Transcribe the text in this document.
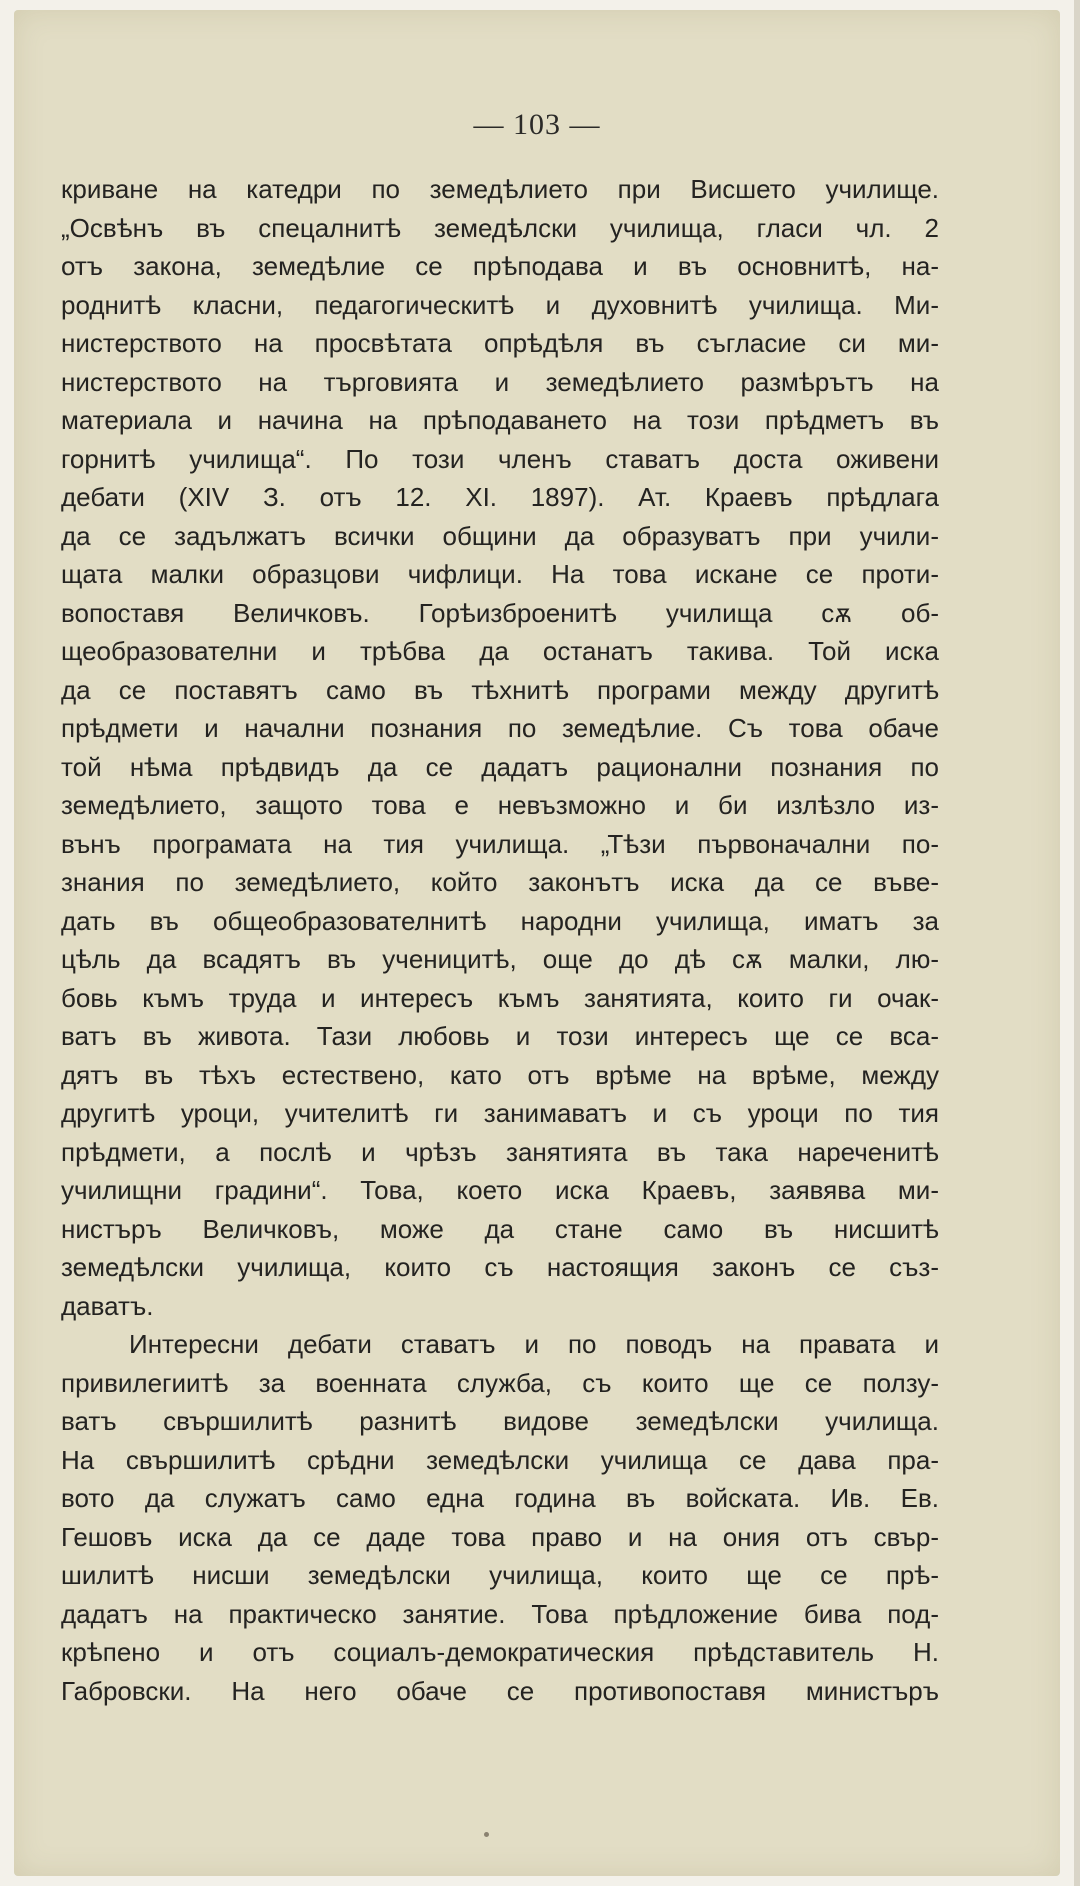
— 103 —
криване на катедри по земедѣлието при Висшето училище.
„Освѣнъ въ спецалнитѣ земедѣлски училища, гласи чл. 2
отъ закона, земедѣлие се прѣподава и въ основнитѣ, на-
роднитѣ класни, педагогическитѣ и духовнитѣ училища. Ми-
нистерството на просвѣтата опрѣдѣля въ съгласие си ми-
нистерството на търговията и земедѣлието размѣрътъ на
материала и начина на прѣподаването на този прѣдметъ въ
горнитѣ училища“. По този членъ ставатъ доста оживени
дебати (XIV З. отъ 12. XI. 1897). Ат. Краевъ прѣдлага
да се задължатъ всички общини да образуватъ при учили-
щата малки образцови чифлици. На това искане се проти-
вопоставя Величковъ. Горѣизброенитѣ училища сѫ об-
щеобразователни и трѣбва да останатъ такива. Той иска
да се поставятъ само въ тѣхнитѣ програми между другитѣ
прѣдмети и начални познания по земедѣлие. Съ това обаче
той нѣма прѣдвидъ да се дадатъ рационални познания по
земедѣлието, защото това е невъзможно и би излѣзло из-
вънъ програмата на тия училища. „Тѣзи първоначални по-
знания по земедѣлието, който законътъ иска да се въве-
дать въ общеобразователнитѣ народни училища, иматъ за
цѣль да всадятъ въ ученицитѣ, още до дѣ сѫ малки, лю-
бовь къмъ труда и интересъ къмъ занятията, които ги очак-
ватъ въ живота. Тази любовь и този интересъ ще се вса-
дятъ въ тѣхъ естествено, като отъ врѣме на врѣме, между
другитѣ уроци, учителитѣ ги занимаватъ и съ уроци по тия
прѣдмети, а послѣ и чрѣзъ занятията въ така нареченитѣ
училищни градини“. Това, което иска Краевъ, заявява ми-
нистъръ Величковъ, може да стане само въ нисшитѣ
земедѣлски училища, които съ настоящия законъ се съз-
даватъ.
Интересни дебати ставатъ и по поводъ на правата и
привилегиитѣ за военната служба, съ които ще се ползу-
ватъ свършилитѣ разнитѣ видове земедѣлски училища.
На свършилитѣ срѣдни земедѣлски училища се дава пра-
вото да служатъ само една година въ войската. Ив. Ев.
Гешовъ иска да се даде това право и на ония отъ свър-
шилитѣ нисши земедѣлски училища, които ще се прѣ-
дадатъ на практическо занятие. Това прѣдложение бива под-
крѣпено и отъ социалъ-демократическия прѣдставитель Н.
Габровски. На него обаче се противопоставя министъръ
